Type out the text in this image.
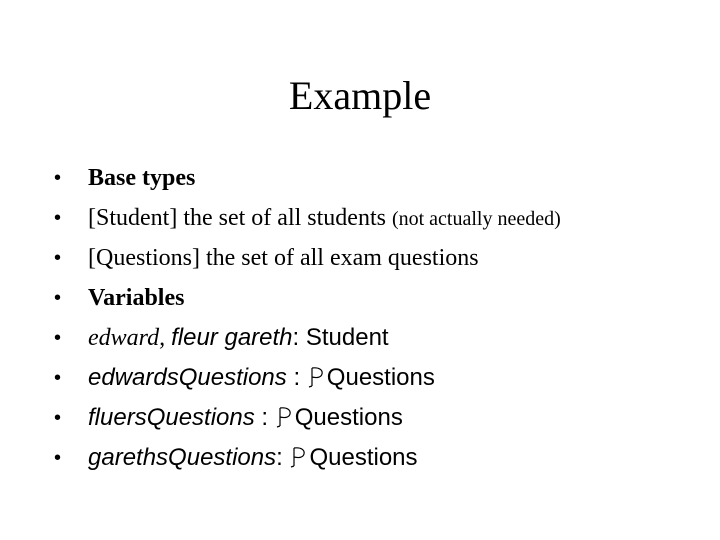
Example
• Base types
• [Student] the set of all students (not actually needed)
• [Questions] the set of all exam questions
• Variables
• edward, fleur gareth: Student
• edwardsQuestions : Questions
• fluersQuestions : Questions
• garethsQuestions: Questions
